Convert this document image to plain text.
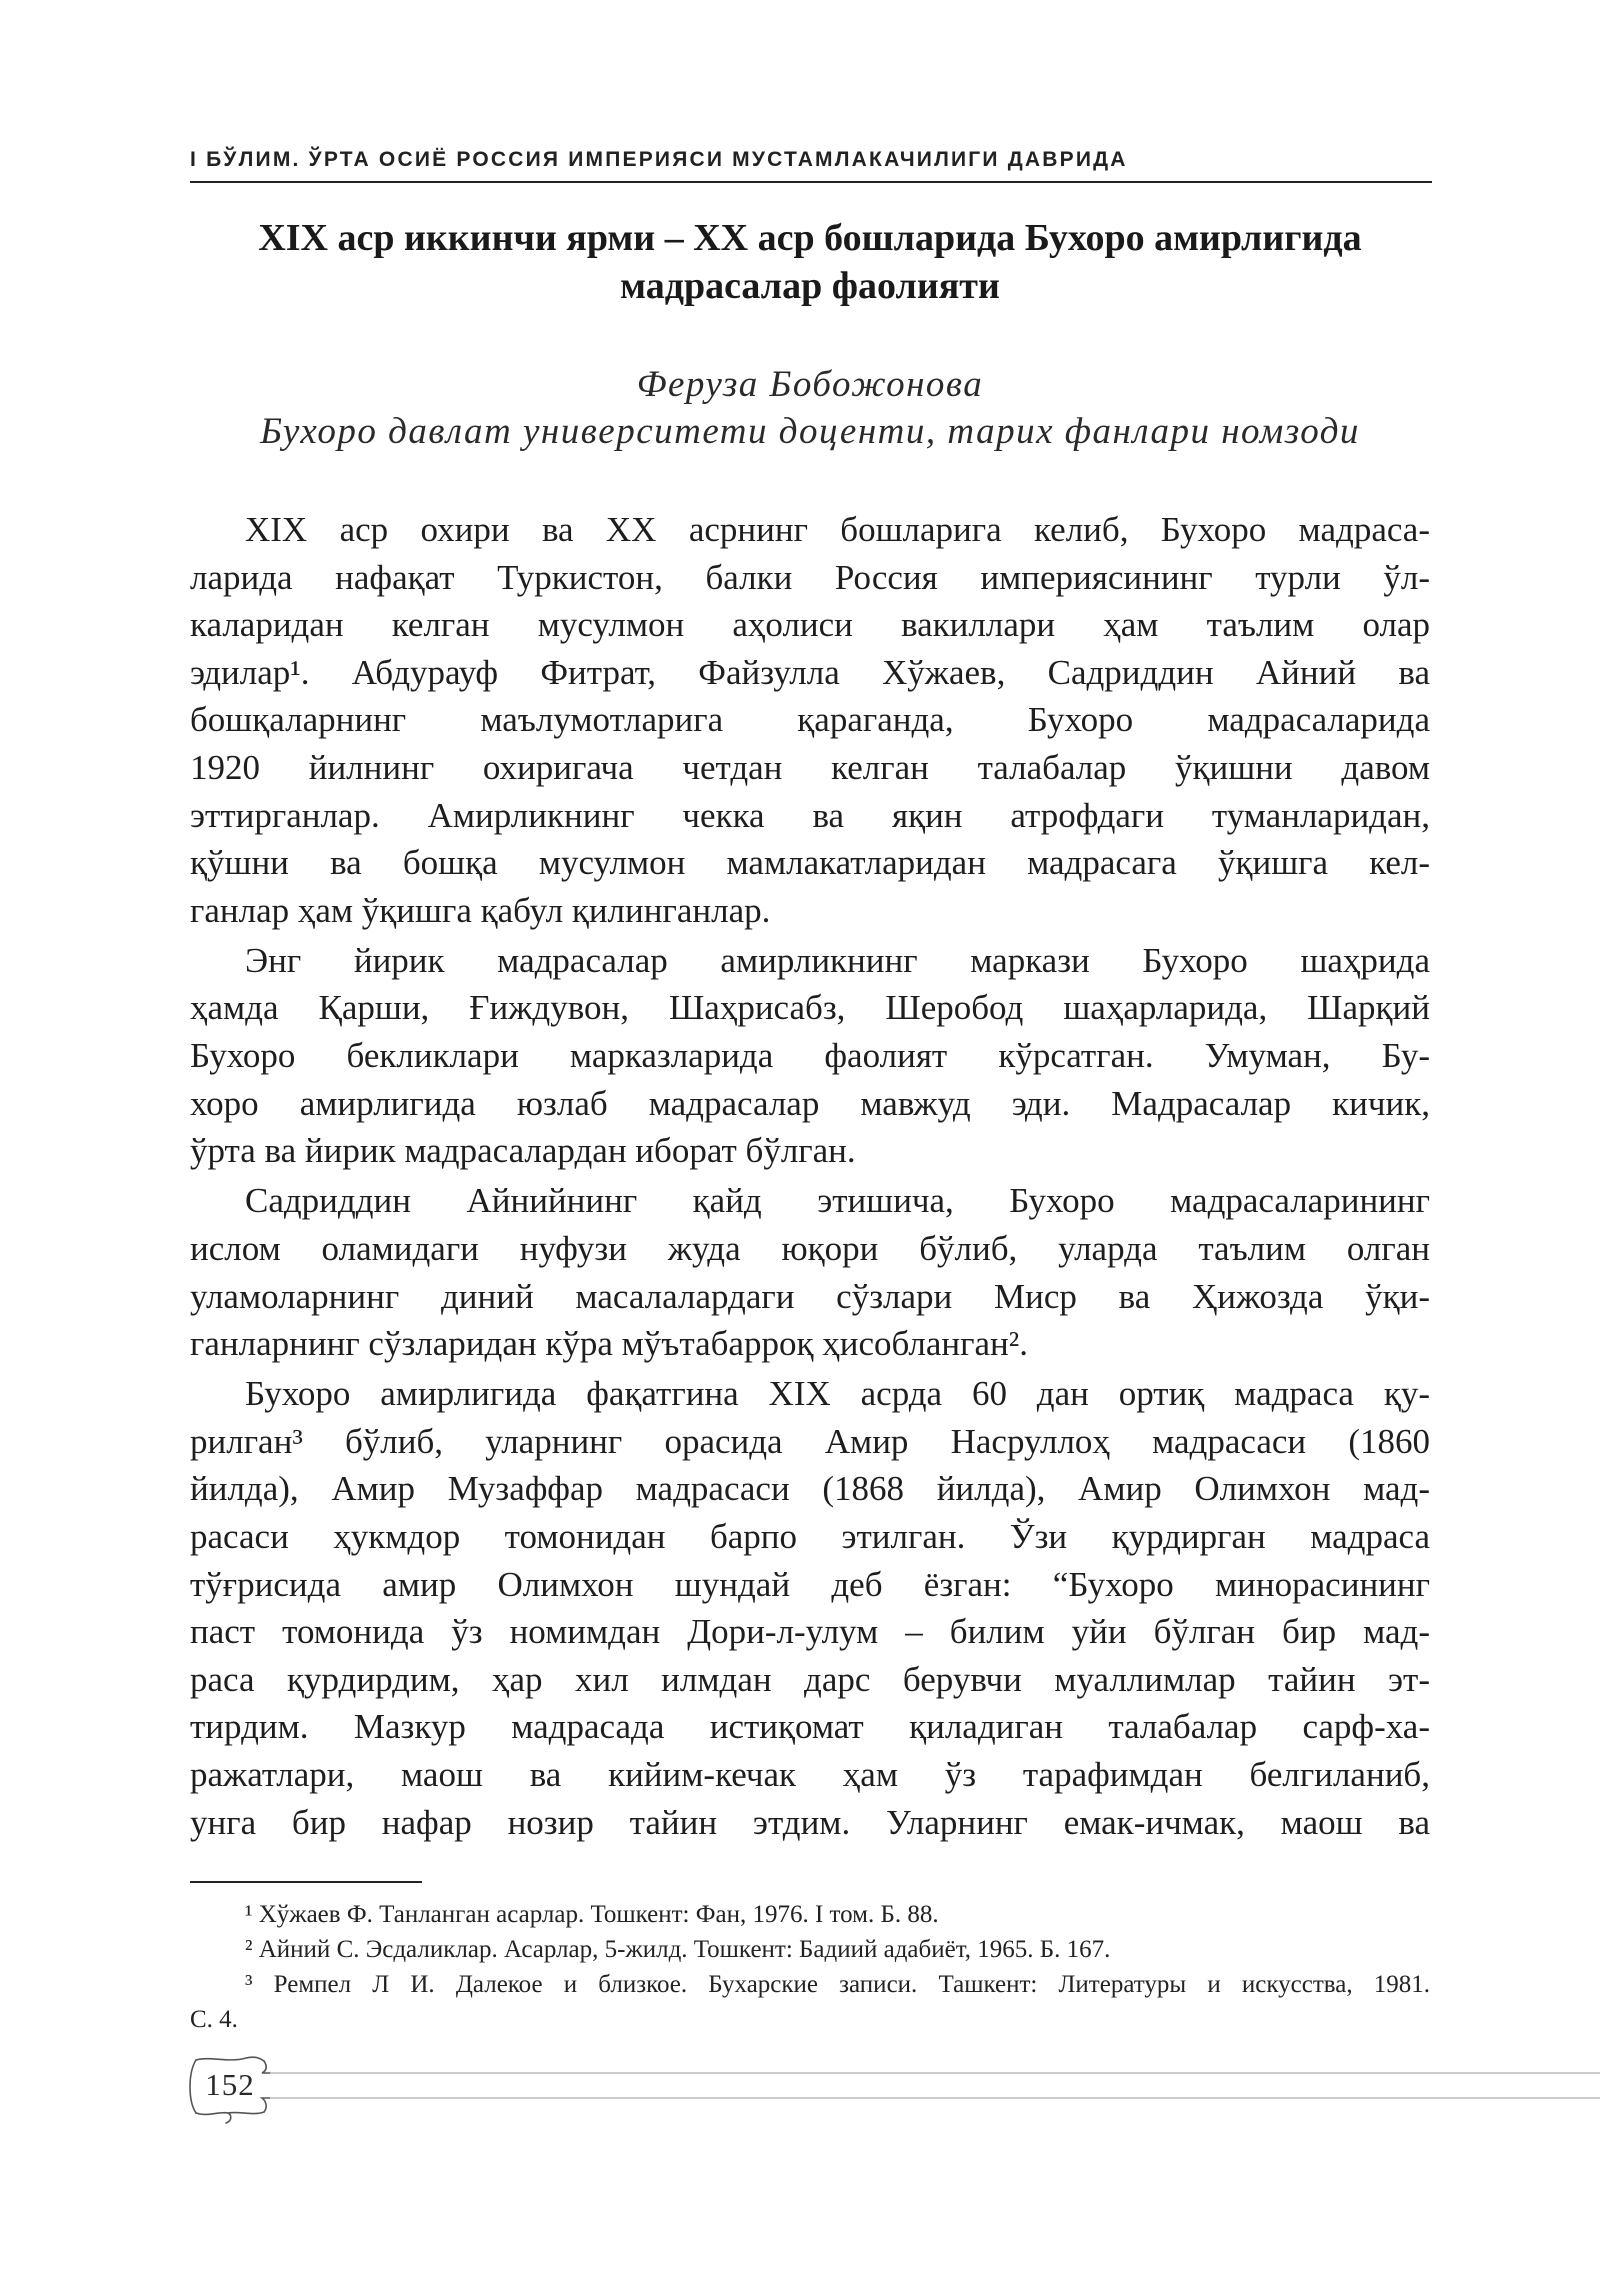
I БЎЛИМ. ЎРТА ОСИЁ РОССИЯ ИМПЕРИЯСИ МУСТАМЛАКАЧИЛИГИ ДАВРИДА
XIX аср иккинчи ярми – XX аср бошларида Бухоро амирлигида
мадрасалар фаолияти
Феруза Бобожонова
Бухоро давлат университети доценти, тарих фанлари номзоди
XIX аср охири ва XX асрнинг бошларига келиб, Бухоро мадраса-
ларида нафақат Туркистон, балки Россия империясининг турли ўл-
каларидан келган мусулмон аҳолиси вакиллари ҳам таълим олар
эдилар¹. Абдурауф Фитрат, Файзулла Хўжаев, Садриддин Айний ва
бошқаларнинг маълумотларига қараганда, Бухоро мадрасаларида
1920 йилнинг охиригача четдан келган талабалар ўқишни давом
эттирганлар. Амирликнинг чекка ва яқин атрофдаги туманларидан,
қўшни ва бошқа мусулмон мамлакатларидан мадрасага ўқишга кел-
ганлар ҳам ўқишга қабул қилинганлар.
Энг йирик мадрасалар амирликнинг маркази Бухоро шаҳрида
ҳамда Қарши, Ғиждувон, Шаҳрисабз, Шеробод шаҳарларида, Шарқий
Бухоро бекликлари марказларида фаолият кўрсатган. Умуман, Бу-
хоро амирлигида юзлаб мадрасалар мавжуд эди. Мадрасалар кичик,
ўрта ва йирик мадрасалардан иборат бўлган.
Садриддин Айнийнинг қайд этишича, Бухоро мадрасаларининг
ислом оламидаги нуфузи жуда юқори бўлиб, уларда таълим олган
уламоларнинг диний масалалардаги сўзлари Миср ва Ҳижозда ўқи-
ганларнинг сўзларидан кўра мўътабарроқ ҳисобланган².
Бухоро амирлигида фақатгина XIX асрда 60 дан ортиқ мадраса қу-
рилган³ бўлиб, уларнинг орасида Амир Насруллоҳ мадрасаси (1860
йилда), Амир Музаффар мадрасаси (1868 йилда), Амир Олимхон мад-
расаси ҳукмдор томонидан барпо этилган. Ўзи қурдирган мадраса
тўғрисида амир Олимхон шундай деб ёзган: “Бухоро минорасининг
паст томонида ўз номимдан Дори-л-улум – билим уйи бўлган бир мад-
раса қурдирдим, ҳар хил илмдан дарс берувчи муаллимлар тайин эт-
тирдим. Мазкур мадрасада истиқомат қиладиган талабалар сарф-ха-
ражатлари, маош ва кийим-кечак ҳам ўз тарафимдан белгиланиб,
унга бир нафар нозир тайин этдим. Уларнинг емак-ичмак, маош ва
¹ Хўжаев Ф. Танланган асарлар. Тошкент: Фан, 1976. I том. Б. 88.
² Айний С. Эсдаликлар. Асарлар, 5-жилд. Тошкент: Бадиий адабиёт, 1965. Б. 167.
³ Ремпел Л И. Далекое и близкое. Бухарские записи. Ташкент: Литературы и искусства, 1981.
С. 4.
152
